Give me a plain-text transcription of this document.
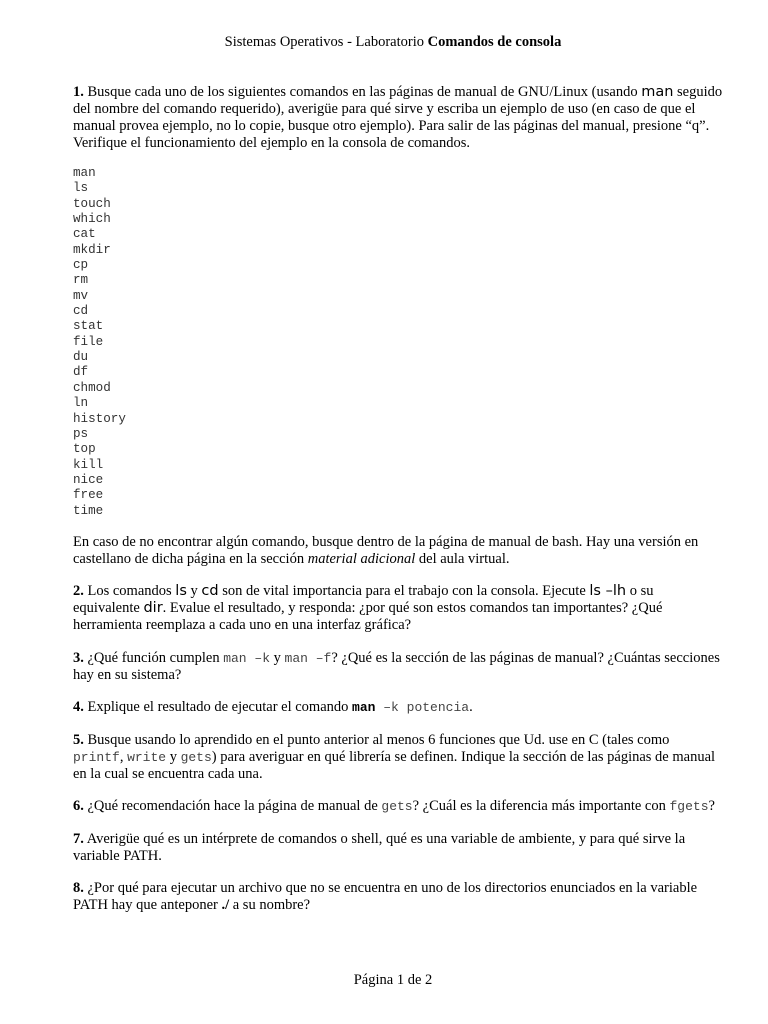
Sistemas Operativos - Laboratorio Comandos de consola

1. Busque cada uno de los siguientes comandos en las páginas de manual de GNU/Linux (usando man seguido del nombre del comando requerido), averigüe para qué sirve y escriba un ejemplo de uso (en caso de que el manual provea ejemplo, no lo copie, busque otro ejemplo). Para salir de las páginas del manual, presione “q”. Verifique el funcionamiento del ejemplo en la consola de comandos.

man
ls
touch
which
cat
mkdir
cp
rm
mv
cd
stat
file
du
df
chmod
ln
history
ps
top
kill
nice
free
time

En caso de no encontrar algún comando, busque dentro de la página de manual de bash. Hay una versión en castellano de dicha página en la sección material adicional del aula virtual.

2. Los comandos ls y cd son de vital importancia para el trabajo con la consola. Ejecute ls –lh o su equivalente dir. Evalue el resultado, y responda: ¿por qué son estos comandos tan importantes? ¿Qué herramienta reemplaza a cada uno en una interfaz gráfica?

3. ¿Qué función cumplen man –k y man –f? ¿Qué es la sección de las páginas de manual? ¿Cuántas secciones hay en su sistema?

4. Explique el resultado de ejecutar el comando man –k potencia.

5. Busque usando lo aprendido en el punto anterior al menos 6 funciones que Ud. use en C (tales como printf, write y gets) para averiguar en qué librería se definen. Indique la sección de las páginas de manual en la cual se encuentra cada una.

6. ¿Qué recomendación hace la página de manual de gets? ¿Cuál es la diferencia más importante con fgets?

7. Averigüe qué es un intérprete de comandos o shell, qué es una variable de ambiente, y para qué sirve la variable PATH.

8. ¿Por qué para ejecutar un archivo que no se encuentra en uno de los directorios enunciados en la variable PATH hay que anteponer ./ a su nombre?

Página 1 de 2
